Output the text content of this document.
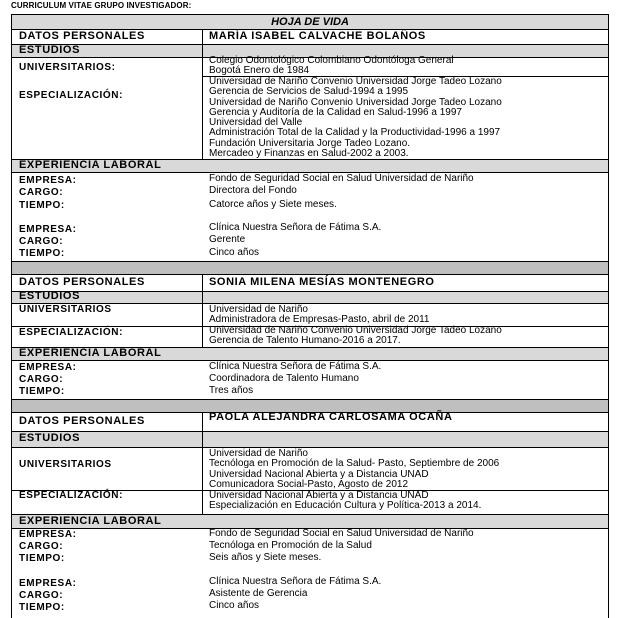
CURRICULUM VITAE GRUPO INVESTIGADOR:
HOJA DE VIDA
DATOS PERSONALES	MARÍA ISABEL CALVACHE BOLAÑOS
ESTUDIOS
UNIVERSITARIOS:
Colegio Odontológico Colombiano Odontóloga General
Bogotá Enero de 1984
ESPECIALIZACIÓN:
Universidad de Nariño Convenio Universidad Jorge Tadeo Lozano
Gerencia de Servicios de Salud-1994 a 1995
Universidad de Nariño Convenio Universidad Jorge Tadeo Lozano
Gerencia y Auditoría de la Calidad en Salud-1996 a 1997
Universidad del Valle
Administración Total de la Calidad y la Productividad-1996 a 1997
Fundación Universitaria Jorge Tadeo Lozano.
Mercadeo y Finanzas en Salud-2002 a 2003.
EXPERIENCIA LABORAL
EMPRESA:	Fondo de Seguridad Social en Salud Universidad de Nariño
CARGO:	Directora del Fondo
TIEMPO:	Catorce años y Siete meses.
EMPRESA:	Clínica Nuestra Señora de Fátima S.A.
CARGO:	Gerente
TIEMPO:	Cinco años
DATOS PERSONALES	SONIA MILENA MESÍAS MONTENEGRO
ESTUDIOS
UNIVERSITARIOS	Universidad de Nariño
Administradora de Empresas-Pasto, abril de 2011
ESPECIALIZACIÓN:	Universidad de Nariño Convenio Universidad Jorge Tadeo Lozano
Gerencia de Talento Humano-2016 a 2017.
EXPERIENCIA LABORAL
EMPRESA:	Clínica Nuestra Señora de Fátima S.A.
CARGO:	Coordinadora de Talento Humano
TIEMPO:	Tres años
DATOS PERSONALES	PAOLA ALEJANDRA CARLOSAMA OCAÑA
ESTUDIOS
UNIVERSITARIOS
Universidad de Nariño
Tecnóloga en Promoción de la Salud- Pasto, Septiembre de 2006
Universidad Nacional Abierta y a Distancia UNAD
Comunicadora Social-Pasto, Agosto de 2012
ESPECIALIZACIÓN:	Universidad Nacional Abierta y a Distancia UNAD
Especialización en Educación Cultura y Política-2013 a 2014.
EXPERIENCIA LABORAL
EMPRESA:	Fondo de Seguridad Social en Salud Universidad de Nariño
CARGO:	Tecnóloga en Promoción de la Salud
TIEMPO:	Seis años y Siete meses.
EMPRESA:	Clínica Nuestra Señora de Fátima S.A.
CARGO:	Asistente de Gerencia
TIEMPO:	Cinco años
